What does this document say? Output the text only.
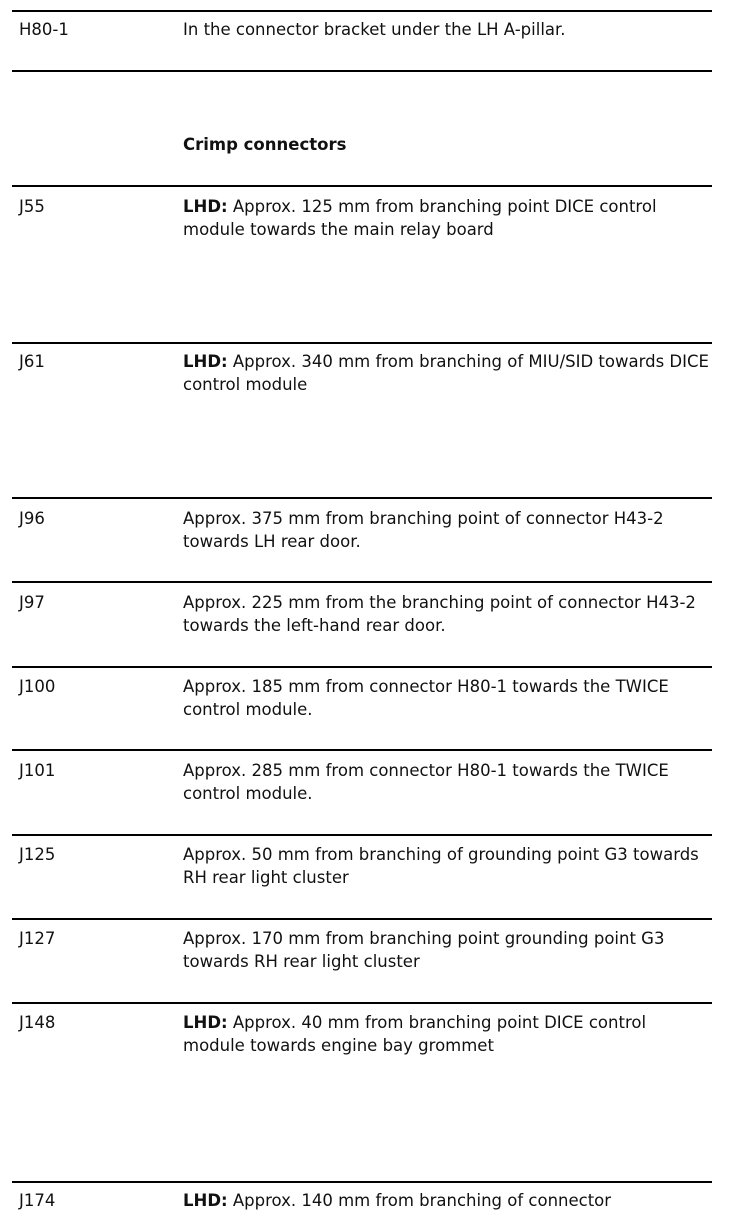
H80-1	In the connector bracket under the LH A-pillar.
Crimp connectors
J55	LHD: Approx. 125 mm from branching point DICE control module towards the main relay board
J61	LHD: Approx. 340 mm from branching of MIU/SID towards DICE control module
J96	Approx. 375 mm from branching point of connector H43-2 towards LH rear door.
J97	Approx. 225 mm from the branching point of connector H43-2 towards the left-hand rear door.
J100	Approx. 185 mm from connector H80-1 towards the TWICE control module.
J101	Approx. 285 mm from connector H80-1 towards the TWICE control module.
J125	Approx. 50 mm from branching of grounding point G3 towards RH rear light cluster
J127	Approx. 170 mm from branching point grounding point G3 towards RH rear light cluster
J148	LHD: Approx. 40 mm from branching point DICE control module towards engine bay grommet
J174	LHD: Approx. 140 mm from branching of connector
